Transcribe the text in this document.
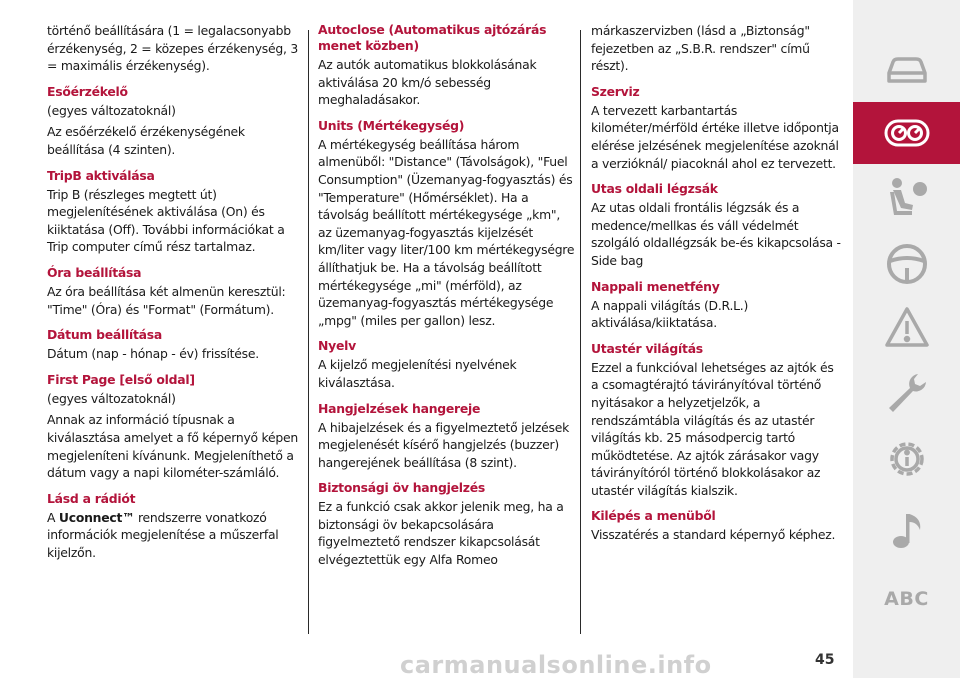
történő beállítására (1 = legalacsonyabb érzékenység, 2 = közepes érzékenység, 3 = maximális érzékenység).

Esőérzékelő

(egyes változatoknál)

Az esőérzékelő érzékenységének beállítása (4 szinten).

TripB aktiválása

Trip B (részleges megtett út) megjelenítésének aktiválása (On) és kiiktatása (Off). További információkat a Trip computer című rész tartalmaz.

Óra beállítása

Az óra beállítása két almenün keresztül: "Time" (Óra) és "Format" (Formátum).

Dátum beállítása

Dátum (nap - hónap - év) frissítése.

First Page [első oldal]

(egyes változatoknál)

Annak az információ típusnak a kiválasztása amelyet a fő képernyő képen megjeleníteni kívánunk. Megjeleníthető a dátum vagy a napi kilométer-számláló.

Lásd a rádiót

A Uconnect™ rendszerre vonatkozó információk megjelenítése a műszerfal kijelzőn.

Autoclose (Automatikus ajtózárás menet közben)

Az autók automatikus blokkolásának aktiválása 20 km/ó sebesség meghaladásakor.

Units (Mértékegység)

A mértékegység beállítása három almenüből: "Distance" (Távolságok), "Fuel Consumption" (Üzemanyag-fogyasztás) és "Temperature" (Hőmérséklet). Ha a távolság beállított mértékegysége „km", az üzemanyag-fogyasztás kijelzését km/liter vagy liter/100 km mértékegységre állíthatjuk be. Ha a távolság beállított mértékegysége „mi" (mérföld), az üzemanyag-fogyasztás mértékegysége „mpg" (miles per gallon) lesz.

Nyelv

A kijelző megjelenítési nyelvének kiválasztása.

Hangjelzések hangereje

A hibajelzések és a figyelmeztető jelzések megjelenését kísérő hangjelzés (buzzer) hangerejének beállítása (8 szint).

Biztonsági öv hangjelzés

Ez a funkció csak akkor jelenik meg, ha a biztonsági öv bekapcsolására figyelmeztető rendszer kikapcsolását elvégeztettük egy Alfa Romeo

márkaszervizben (lásd a „Biztonság" fejezetben az „S.B.R. rendszer" című részt).

Szerviz

A tervezett karbantartás kilométer/mérföld értéke illetve időpontja elérése jelzésének megjelenítése azoknál a verzióknál/ piacoknál ahol ez tervezett.

Utas oldali légzsák

Az utas oldali frontális légzsák és a medence/mellkas és váll védelmét szolgáló oldallégzsák be-és kikapcsolása - Side bag

Nappali menetfény

A nappali világítás (D.R.L.) aktiválása/kiiktatása.

Utastér világítás

Ezzel a funkcióval lehetséges az ajtók és a csomagtérajtó távirányítóval történő nyitásakor a helyzetjelzők, a rendszámtábla világítás és az utastér világítás kb. 25 másodpercig tartó működtetése. Az ajtók zárásakor vagy távirányítóról történő blokkolásakor az utastér világítás kialszik.

Kilépés a menüből

Visszatérés a standard képernyő képhez.

ABC
carmanualsonline.info	45
